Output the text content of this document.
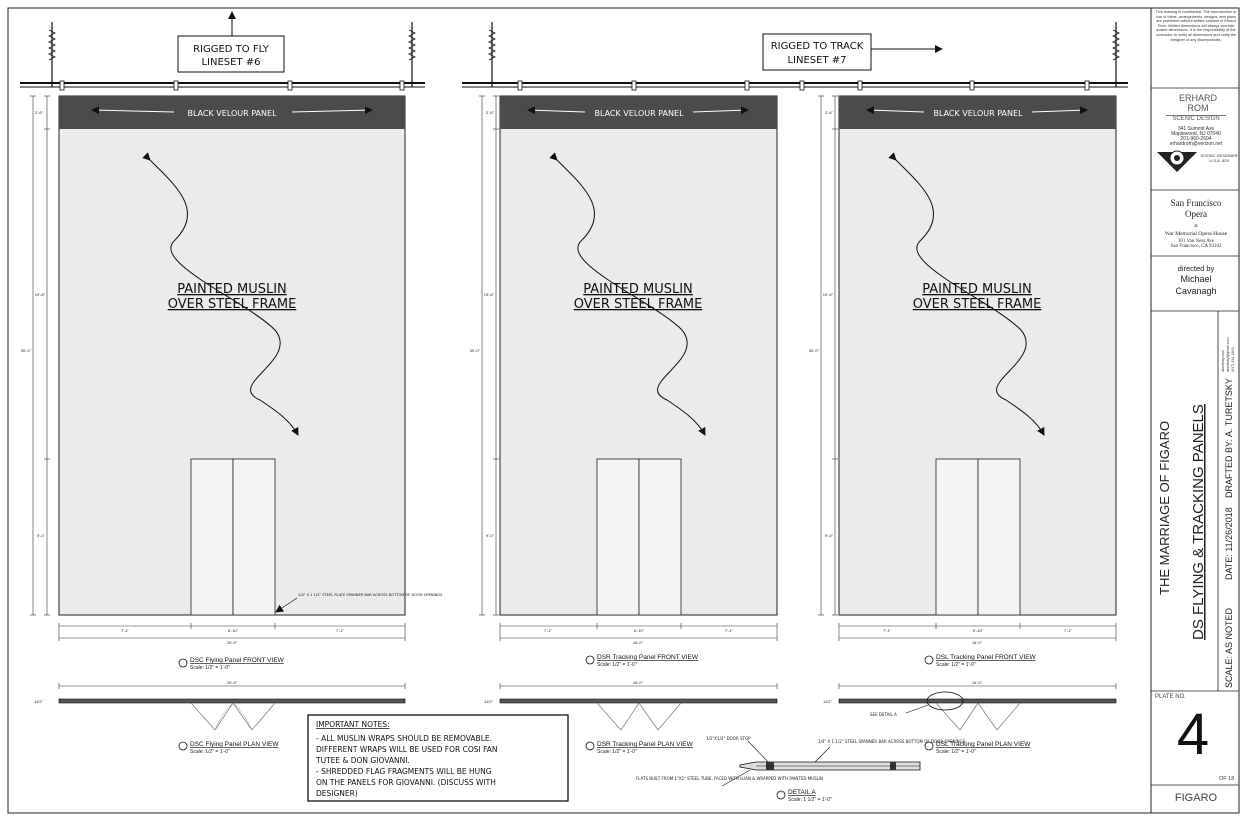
RIGGED TO FLY
LINESET #6
RIGGED TO TRACK
LINESET #7
BLACK VELOUR PANEL
PAINTED MUSLIN
OVER STEEL FRAME
1/4" X 1 1/2" STEEL PLATE SPANNER BAR ACROSS BOTTOM OF DOOR OPENINGS
2'-6"
19'-6"
30'-0"
9'-0"
7'-1"	6'-10"	7'-1"
20'-0"
BLACK VELOUR PANEL
PAINTED MUSLIN
OVER STEEL FRAME
2'-6"
19'-6"
30'-0"
9'-0"
7'-1"	6'-10"	7'-1"
16'-0"
BLACK VELOUR PANEL
PAINTED MUSLIN
OVER STEEL FRAME
2'-6"
19'-6"
30'-0"
9'-0"
7'-1"	6'-10"	7'-1"
16'-0"
DSC Flying Panel FRONT VIEW
Scale: 1/2" = 1'-0"
DSR Tracking Panel FRONT VIEW
Scale: 1/2" = 1'-0"
DSL Tracking Panel FRONT VIEW
Scale: 1/2" = 1'-0"
20'-0"
11/2"
DSC Flying Panel PLAN VIEW
Scale: 1/2" = 1'-0"
16'-0"
11/2"
DSR Tracking Panel PLAN VIEW
Scale: 1/2" = 1'-0"
16'-0"
11/2"
SEE DETAIL A
DSL Tracking Panel PLAN VIEW
Scale: 1/2" = 1'-0"
IMPORTANT NOTES:
- ALL MUSLIN WRAPS SHOULD BE REMOVABLE.
DIFFERENT WRAPS WILL BE USED FOR COSI FAN
TUTEE & DON GIOVANNI.
- SHREDDED FLAG FRAGMENTS WILL BE HUNG
ON THE PANELS FOR GIOVANNI. (DISCUSS WITH
DESIGNER)
1/2"X1/2" DOOR STOP
1/4" X 1 1/2" STEEL SPANNER BAR ACROSS BOTTOM OF DOOR OPENINGS
FLATS BUILT FROM 1"X1" STEEL TUBE, FACED WITH LUAN & WRAPPED WITH PAINTED MUSLIN
DETAIL A
Scale: 1 1/2" = 1'-0"
THE MARRIAGE OF FIGARO DS FLYING & TRACKING PANELS DATE: 11/26/2018
DRAFTED BY: A. TURETSKY
SCALE: AS NOTED
aturetsky.com aturetsky@gmail.com (917) 434-4843
This drawing is confidential. The reproduction or use of ideas, arrangements, designs, and plans are prohibited without written consent of Erhard Rom. Written dimensions will always override scaled dimensions. It is the responsibility of the contractor to verify all dimensions and notify the designer of any discrepancies.
ERHARD ROM
SCENIC DESIGN
341 Summit Ave
Maplewood, NJ 07040
201-960-2604
erhardrom@verizon.net
SCENIC DESIGNER
U.S.A. 829
San Francisco
Opera
at
War Memorial Opera House
301 Van Ness Ave
San Francisco, CA 94102
directed by
Michael
Cavanagh
PLATE NO.
4
OF 18
FIGARO
